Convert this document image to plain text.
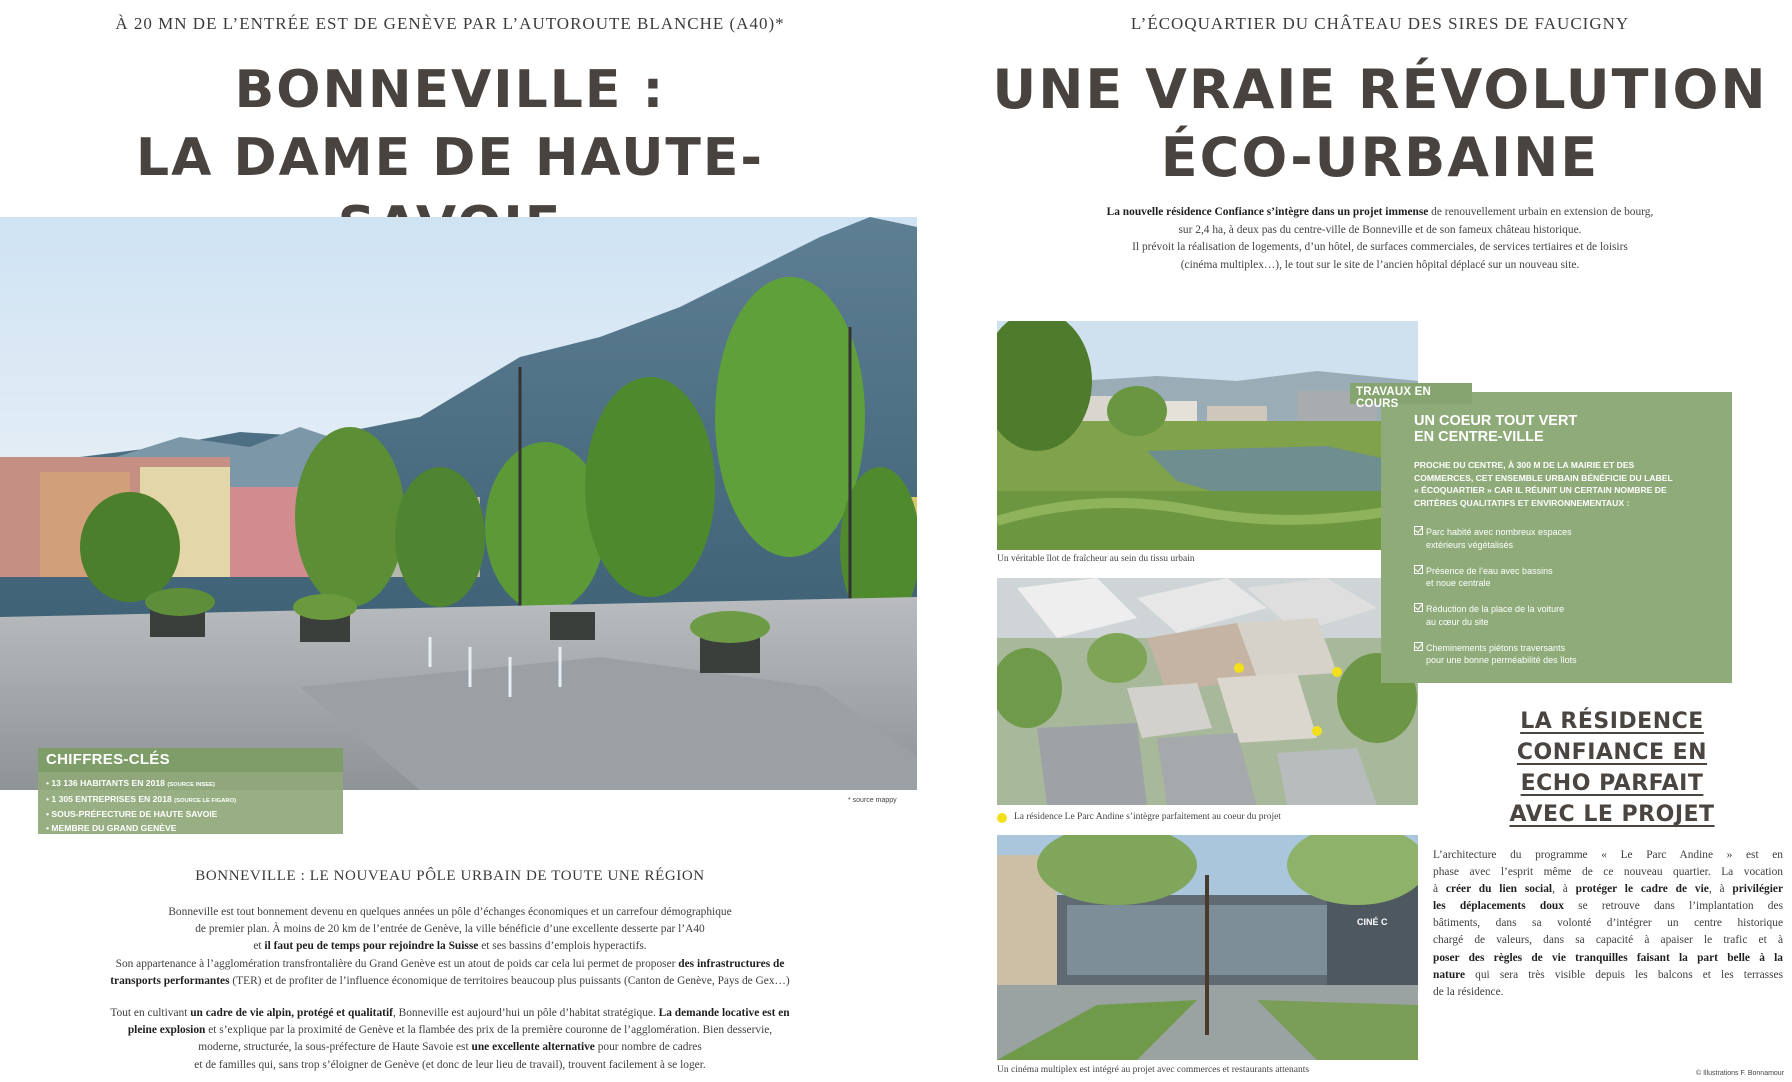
À 20 MN DE L’ENTRÉE EST DE GENÈVE PAR L’AUTOROUTE BLANCHE (A40)*
BONNEVILLE :
LA DAME DE HAUTE-
CHIFFRES-CLÉS
• 13 136 HABITANTS EN 2018 (SOURCE INSEE)
• 1 305 ENTREPRISES EN 2018 (SOURCE LE FIGARO)
• SOUS-PRÉFECTURE DE HAUTE SAVOIE
• MEMBRE DU GRAND GENÈVE
* source mappy
BONNEVILLE : LE NOUVEAU PÔLE URBAIN DE TOUTE UNE RÉGION
Bonneville est tout bonnement devenu en quelques années un pôle d’échanges économiques et un carrefour démographique
de premier plan. À moins de 20 km de l’entrée de Genève, la ville bénéficie d’une excellente desserte par l’A40
et il faut peu de temps pour rejoindre la Suisse et ses bassins d’emplois hyperactifs.
Son appartenance à l’agglomération transfrontalière du Grand Genève est un atout de poids car cela lui permet de proposer des infrastructures de
transports performantes (TER) et de profiter de l’influence économique de territoires beaucoup plus puissants (Canton de Genève, Pays de Gex…)
Tout en cultivant un cadre de vie alpin, protégé et qualitatif, Bonneville est aujourd’hui un pôle d’habitat stratégique. La demande locative est en
pleine explosion et s’explique par la proximité de Genève et la flambée des prix de la première couronne de l’agglomération. Bien desservie,
moderne, structurée, la sous-préfecture de Haute Savoie est une excellente alternative pour nombre de cadres
et de familles qui, sans trop s’éloigner de Genève (et donc de leur lieu de travail), trouvent facilement à se loger.
L’ÉCOQUARTIER DU CHÂTEAU DES SIRES DE FAUCIGNY
UNE VRAIE RÉVOLUTION
ÉCO-URBAINE
La nouvelle résidence Confiance s’intègre dans un projet immense de renouvellement urbain en extension de bourg,
sur 2,4 ha, à deux pas du centre-ville de Bonneville et de son fameux château historique.
Il prévoit la réalisation de logements, d’un hôtel, de surfaces commerciales, de services tertiaires et de loisirs
(cinéma multiplex…), le tout sur le site de l’ancien hôpital déplacé sur un nouveau site.
Un véritable îlot de fraîcheur au sein du tissu urbain
La résidence Le Parc Andine s’intègre parfaitement au coeur du projet
CINÉ C
Un cinéma multiplex est intégré au projet avec commerces et restaurants attenants	© Illustrations F. Bonnamour
TRAVAUX EN COURS
UN COEUR TOUT VERT
EN CENTRE-VILLE
PROCHE DU CENTRE, À 300 M DE LA MAIRIE ET DES
COMMERCES, CET ENSEMBLE URBAIN BÉNÉFICIE DU LABEL
« ÉCOQUARTIER » CAR IL RÉUNIT UN CERTAIN NOMBRE DE
CRITÈRES QUALITATIFS ET ENVIRONNEMENTAUX :
Parc habité avec nombreux espaces
extérieurs végétalisés
Présence de l’eau avec bassins
et noue centrale
Réduction de la place de la voiture
au cœur du site
Cheminements piétons traversants
pour une bonne perméabilité des îlots
LA RÉSIDENCE
CONFIANCE EN
ECHO PARFAIT
AVEC LE PROJET
L’architecture du programme « Le Parc Andine » est en
phase avec l’esprit même de ce nouveau quartier. La vocation
à créer du lien social, à protéger le cadre de vie, à privilégier
les déplacements doux se retrouve dans l’implantation des
bâtiments, dans sa volonté d’intégrer un centre historique
chargé de valeurs, dans sa capacité à apaiser le trafic et à
poser des règles de vie tranquilles faisant la part belle à la
nature qui sera très visible depuis les balcons et les terrasses
de la résidence.
